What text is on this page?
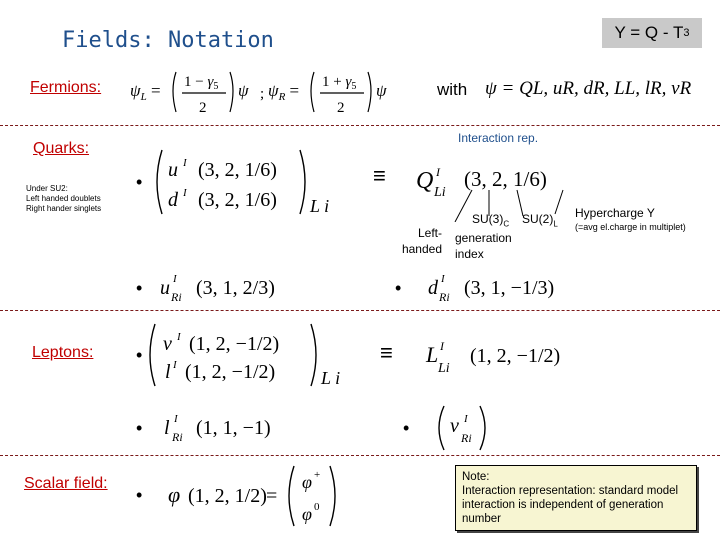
Fields: Notation	Y = Q - T 3
Fermions: $\psi_L = 1 - \gamma_5$
2
ψ ; $\psi_R = 1 + \gamma_5$
2
ψ	with ψ = QL, uR, dR, LL, lR, νR
Interaction rep.
Quarks:
Under SU2:
Left handed doublets
Right hander singlets
•
u I (3, 2, 1/6)
d I (3, 2, 1/6) L i
≡ Q I
Li
(3, 2, 1/6)
$SU(3)_C$ $SU(2)_L$
Hypercharge Y
(=avg el.charge in multiplet)
Left-
handed
generation
index
• u I
Ri (3, 1, 2/3)	• d I
Ri (3, 1, −1/3)
Leptons: • ν I (1, 2, −1/2)
l I (1, 2, −1/2)	L i
≡ L I
Li
(1, 2, −1/2)
• l I
Ri (1, 1, −1)	• ν I
Ri
Scalar field:
• φ (1, 2, 1/2) =
φ +
φ 0
Note:
Interaction representation: standard model
interaction is independent of generation
number
